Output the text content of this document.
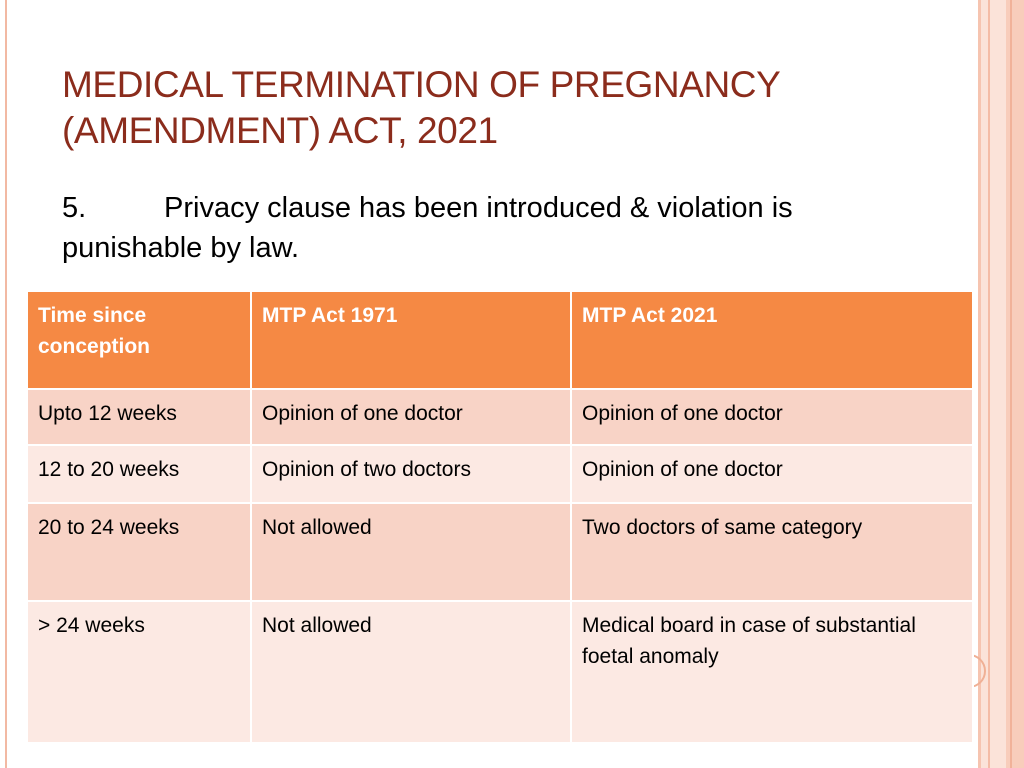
MEDICAL TERMINATION OF PREGNANCY
(AMENDMENT) ACT, 2021
5.	Privacy clause has been introduced & violation is
punishable by law.
Time since conception	MTP Act 1971	MTP Act 2021
Upto 12 weeks	Opinion of one doctor	Opinion of one doctor
12 to 20 weeks	Opinion of two doctors	Opinion of one doctor
20 to 24 weeks	Not allowed	Two doctors of same category
> 24 weeks	Not allowed	Medical board in case of substantial foetal anomaly
